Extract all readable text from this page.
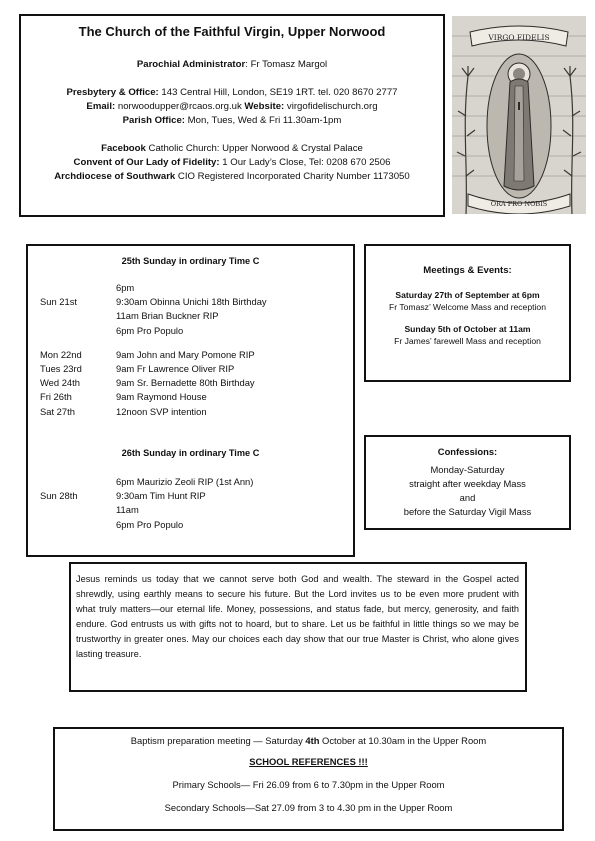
The Church of the Faithful Virgin, Upper Norwood

Parochial Administrator: Fr Tomasz Margol

Presbytery & Office: 143 Central Hill, London, SE19 1RT. tel. 020 8670 2777

Email: norwoodupper@rcaos.org.uk Website: virgofidelischurch.org

Parish Office: Mon, Tues, Wed & Fri 11.30am-1pm

Facebook Catholic Church: Upper Norwood & Crystal Palace

Convent of Our Lady of Fidelity: 1 Our Lady’s Close, Tel: 0208 670 2506

Archdiocese of Southwark CIO Registered Incorporated Charity Number 1173050

VIRGO FIDELIS
ORA PRO NOBIS
25th Sunday in ordinary Time C
26th Sunday in ordinary Time C
6pm
Sun 21st	9:30am Obinna Unichi 18th Birthday
11am Brian Buckner RIP
6pm Pro Populo
Mon 22nd	9am John and Mary Pomone RIP
Tues 23rd	9am Fr Lawrence Oliver RIP
Wed 24th	9am Sr. Bernadette 80th Birthday
Fri 26th	9am Raymond House
Sat 27th	12noon SVP intention
6pm Maurizio Zeoli RIP (1st Ann)
Sun 28th	9:30am Tim Hunt RIP
11am
6pm Pro Populo

Meetings & Events:

Saturday 27th of September at 6pm

Fr Tomasz’ Welcome Mass and reception

Sunday 5th of October at 11am

Fr James’ farewell Mass and reception

Confessions:

Monday-Saturday

straight after weekday Mass

and

before the Saturday Vigil Mass

Jesus reminds us today that we cannot serve both God and wealth. The steward in the Gospel acted shrewdly, using earthly means to secure his future. But the Lord invites us to be even more prudent with what truly matters—our eternal life. Money, possessions, and status fade, but mercy, generosity, and faith endure. God entrusts us with gifts not to hoard, but to share. Let us be faithful in little things so we may be trustworthy in greater ones. May our choices each day show that our true Master is Christ, who alone gives lasting treasure.

Baptism preparation meeting — Saturday 4th October at 10.30am in the Upper Room

SCHOOL REFERENCES !!!

Primary Schools— Fri 26.09 from 6 to 7.30pm in the Upper Room

Secondary Schools—Sat 27.09 from 3 to 4.30 pm in the Upper Room
